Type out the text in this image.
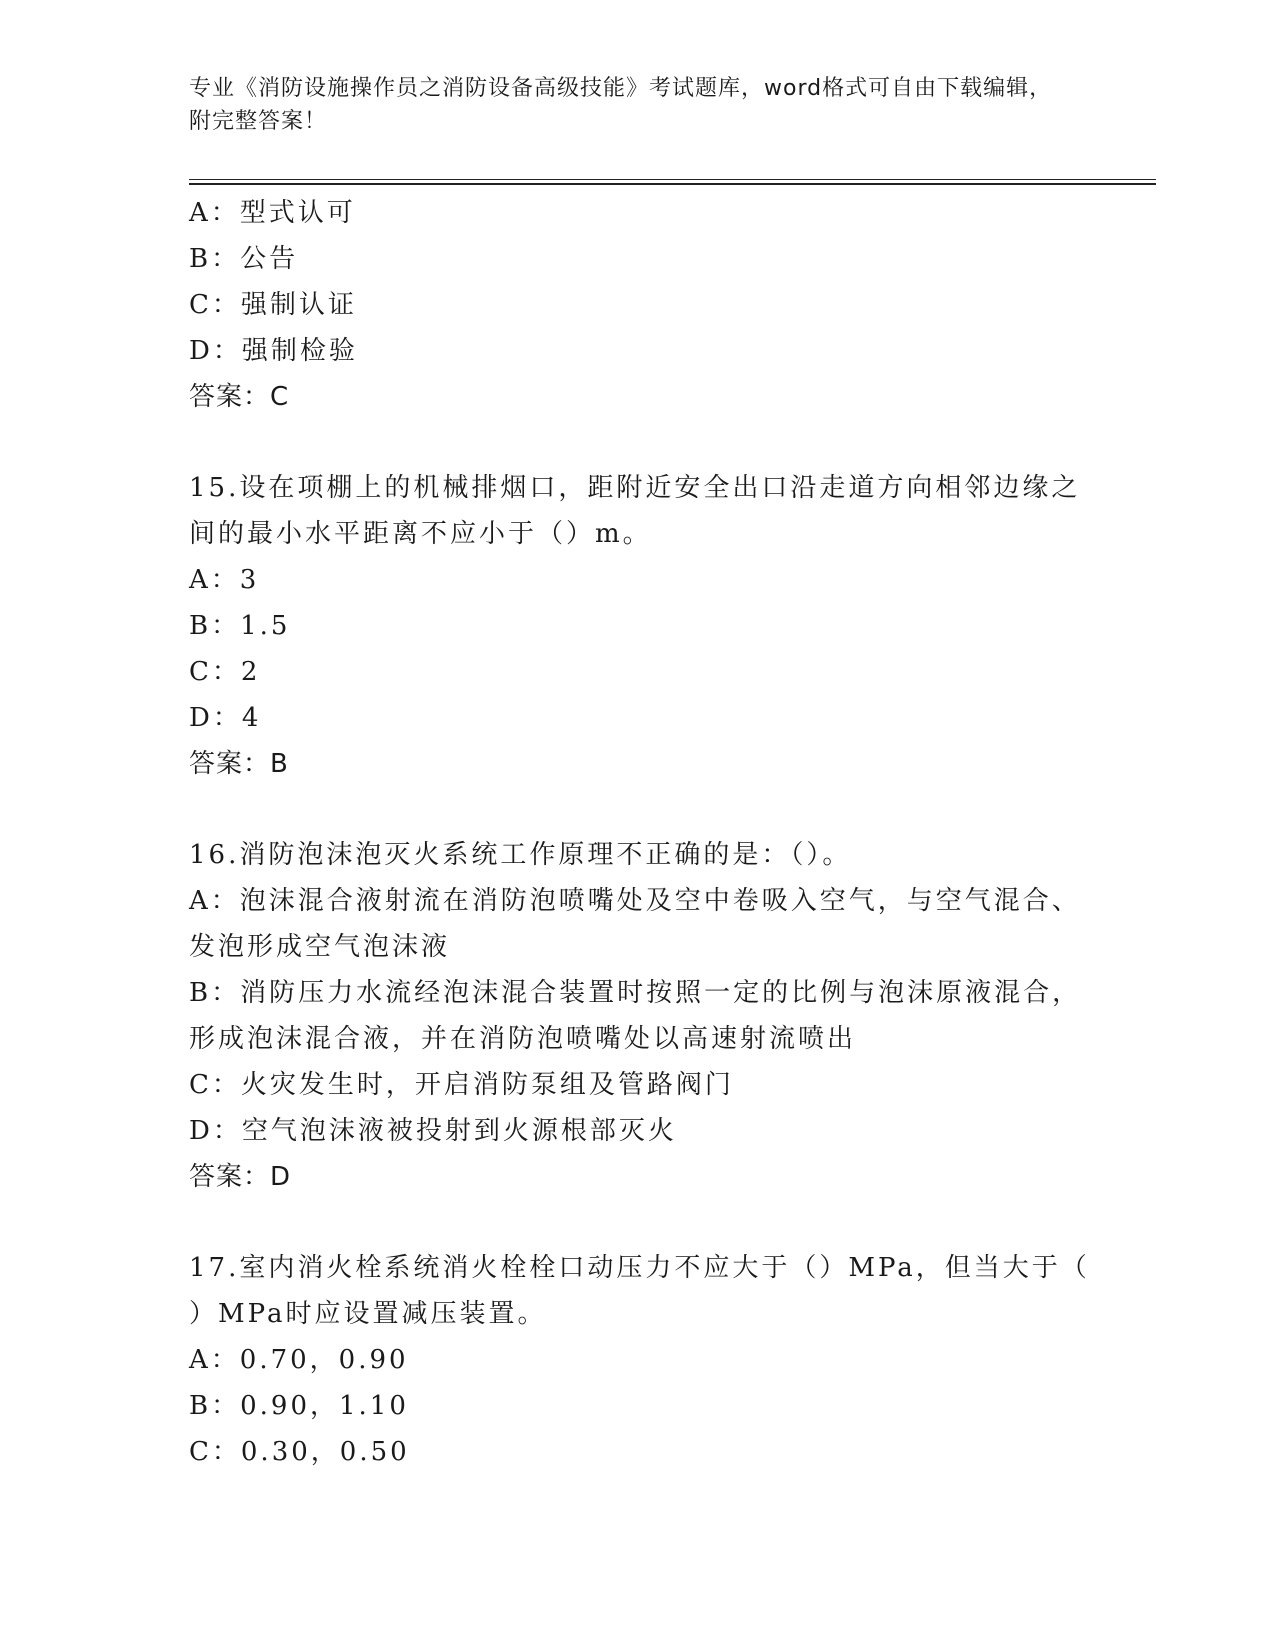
专业《消防设施操作员之消防设备高级技能》考试题库，word格式可自由下载编辑，附完整答案！
A：型式认可
B：公告
C：强制认证
D：强制检验
答案：C
15.设在项棚上的机械排烟口，距附近安全出口沿走道方向相邻边缘之
间的最小水平距离不应小于（）m。
A：3
B：1.5
C：2
D：4
答案：B
16.消防泡沫泡灭火系统工作原理不正确的是：（）。
A：泡沫混合液射流在消防泡喷嘴处及空中卷吸入空气，与空气混合、
发泡形成空气泡沫液
B：消防压力水流经泡沫混合装置时按照一定的比例与泡沫原液混合，
形成泡沫混合液，并在消防泡喷嘴处以高速射流喷出
C：火灾发生时，开启消防泵组及管路阀门
D：空气泡沫液被投射到火源根部灭火
答案：D
17.室内消火栓系统消火栓栓口动压力不应大于（）MPa，但当大于（
）MPa时应设置减压装置。
A：0.70，0.90
B：0.90，1.10
C：0.30，0.50
